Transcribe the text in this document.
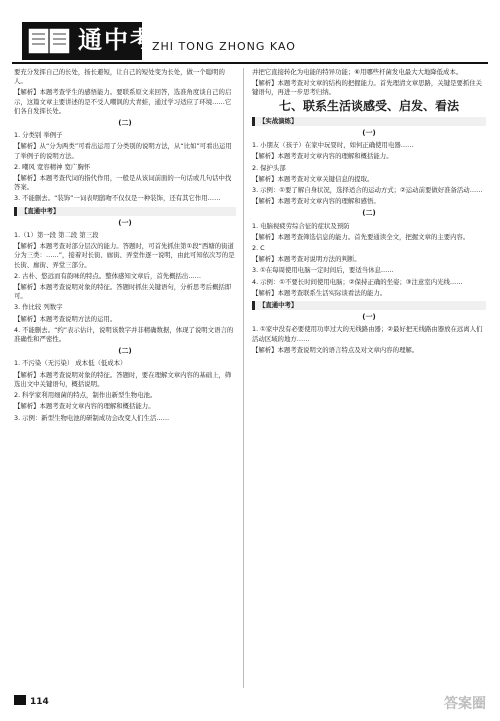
通中考
ZHI TONG ZHONG KAO

要充分发挥自己的长处，扬长避短，让自己的短处变为长处，做一个聪明的人。

【解析】本题考查学生的感悟能力。要联系原文来回答，选准角度谈自己的启示，这篇文章主要讲述的是不受人嘲讽的大青蛙，通过学习适应了环境……它们各自发挥长处。

(二)

1. 分类别 举例子

【解析】从“分为两类”可看出运用了分类别的说明方法，从“比如”可看出运用了举例子的说明方法。

2. 嘲风 宽容精神 宽广胸怀

【解析】本题考查代词的指代作用，一般是从该词前面的一句话或几句话中找答案。

3. 不能删去。“装饰”一词表明鸱吻不仅仅是一种装饰，还有其它作用……

【直通中考】
(一)

1.（1）第一段 第二段 第三段

【解析】本题考查对部分层次的能力。答题时，可首先抓住第①段“西塘的街道分为三类：……”，接着对长街、廊街、弄堂作逐一说明，由此可知依次写的是长街、廊街、弄堂三部分。

2. 古朴、悠远而有韵味的特点。整体感知文章后，首先概括出……

【解析】本题考查说明对象的特征。答题时抓住关键语句，分析思考后概括即可。

3. 作比较 列数字

【解析】本题考查说明方法的运用。

4. 不能删去。“约”表示估计，说明该数字并非精确数据，体现了说明文语言的准确性和严密性。

(二)

1. 不污染（无污染） 成本低（低成本）

【解析】本题考查说明对象的特征。答题时，要在理解文章内容的基础上，筛选出文中关键语句，概括说明。

2. 科学家利用细菌的特点，制作出新型生物电池。

【解析】本题考查对文章内容的理解和概括能力。

3. 示例：新型生物电池的研制成功会改变人们生活……

并把它直接转化为电能的特异功能；⑥用哪些杆菌发电最大大地降低成本。

【解析】本题考查对文章的结构的把握能力。首先理清文章思路，关键是要抓住关键语句，再进一步思考归纳。

七、联系生活谈感受、启发、看法
【实战演练】
(一)

1. 小朋友（孩子）在家中玩耍时，如何正确使用电器……

【解析】本题考查对文章内容的理解和概括能力。

2. 保护头部

【解析】本题考查对文章关键信息的提取。

3. 示例：①要了解自身状况，选择适合的运动方式；②运动前要做好准备活动……

【解析】本题考查对文章内容的理解和感悟。

(二)

1. 电脑视疲劳综合征的症状及预防

【解析】本题考查筛选信息的能力。首先要通读全文，把握文章的主要内容。

2. C

【解析】本题考查对说明方法的判断。

3. ①在每周使用电脑一定时间后，要适当休息……

4. 示例：①不要长时间使用电脑；②保持正确的坐姿；③注意室内光线……

【解析】本题考查联系生活实际谈看法的能力。

【直通中考】
(一)

1. ①家中没有必要使用功率过大的无线路由器；②最好把无线路由器放在远离人们活动区域的地方……

【解析】本题考查说明文的语言特点及对文章内容的理解。

114	答案圈
